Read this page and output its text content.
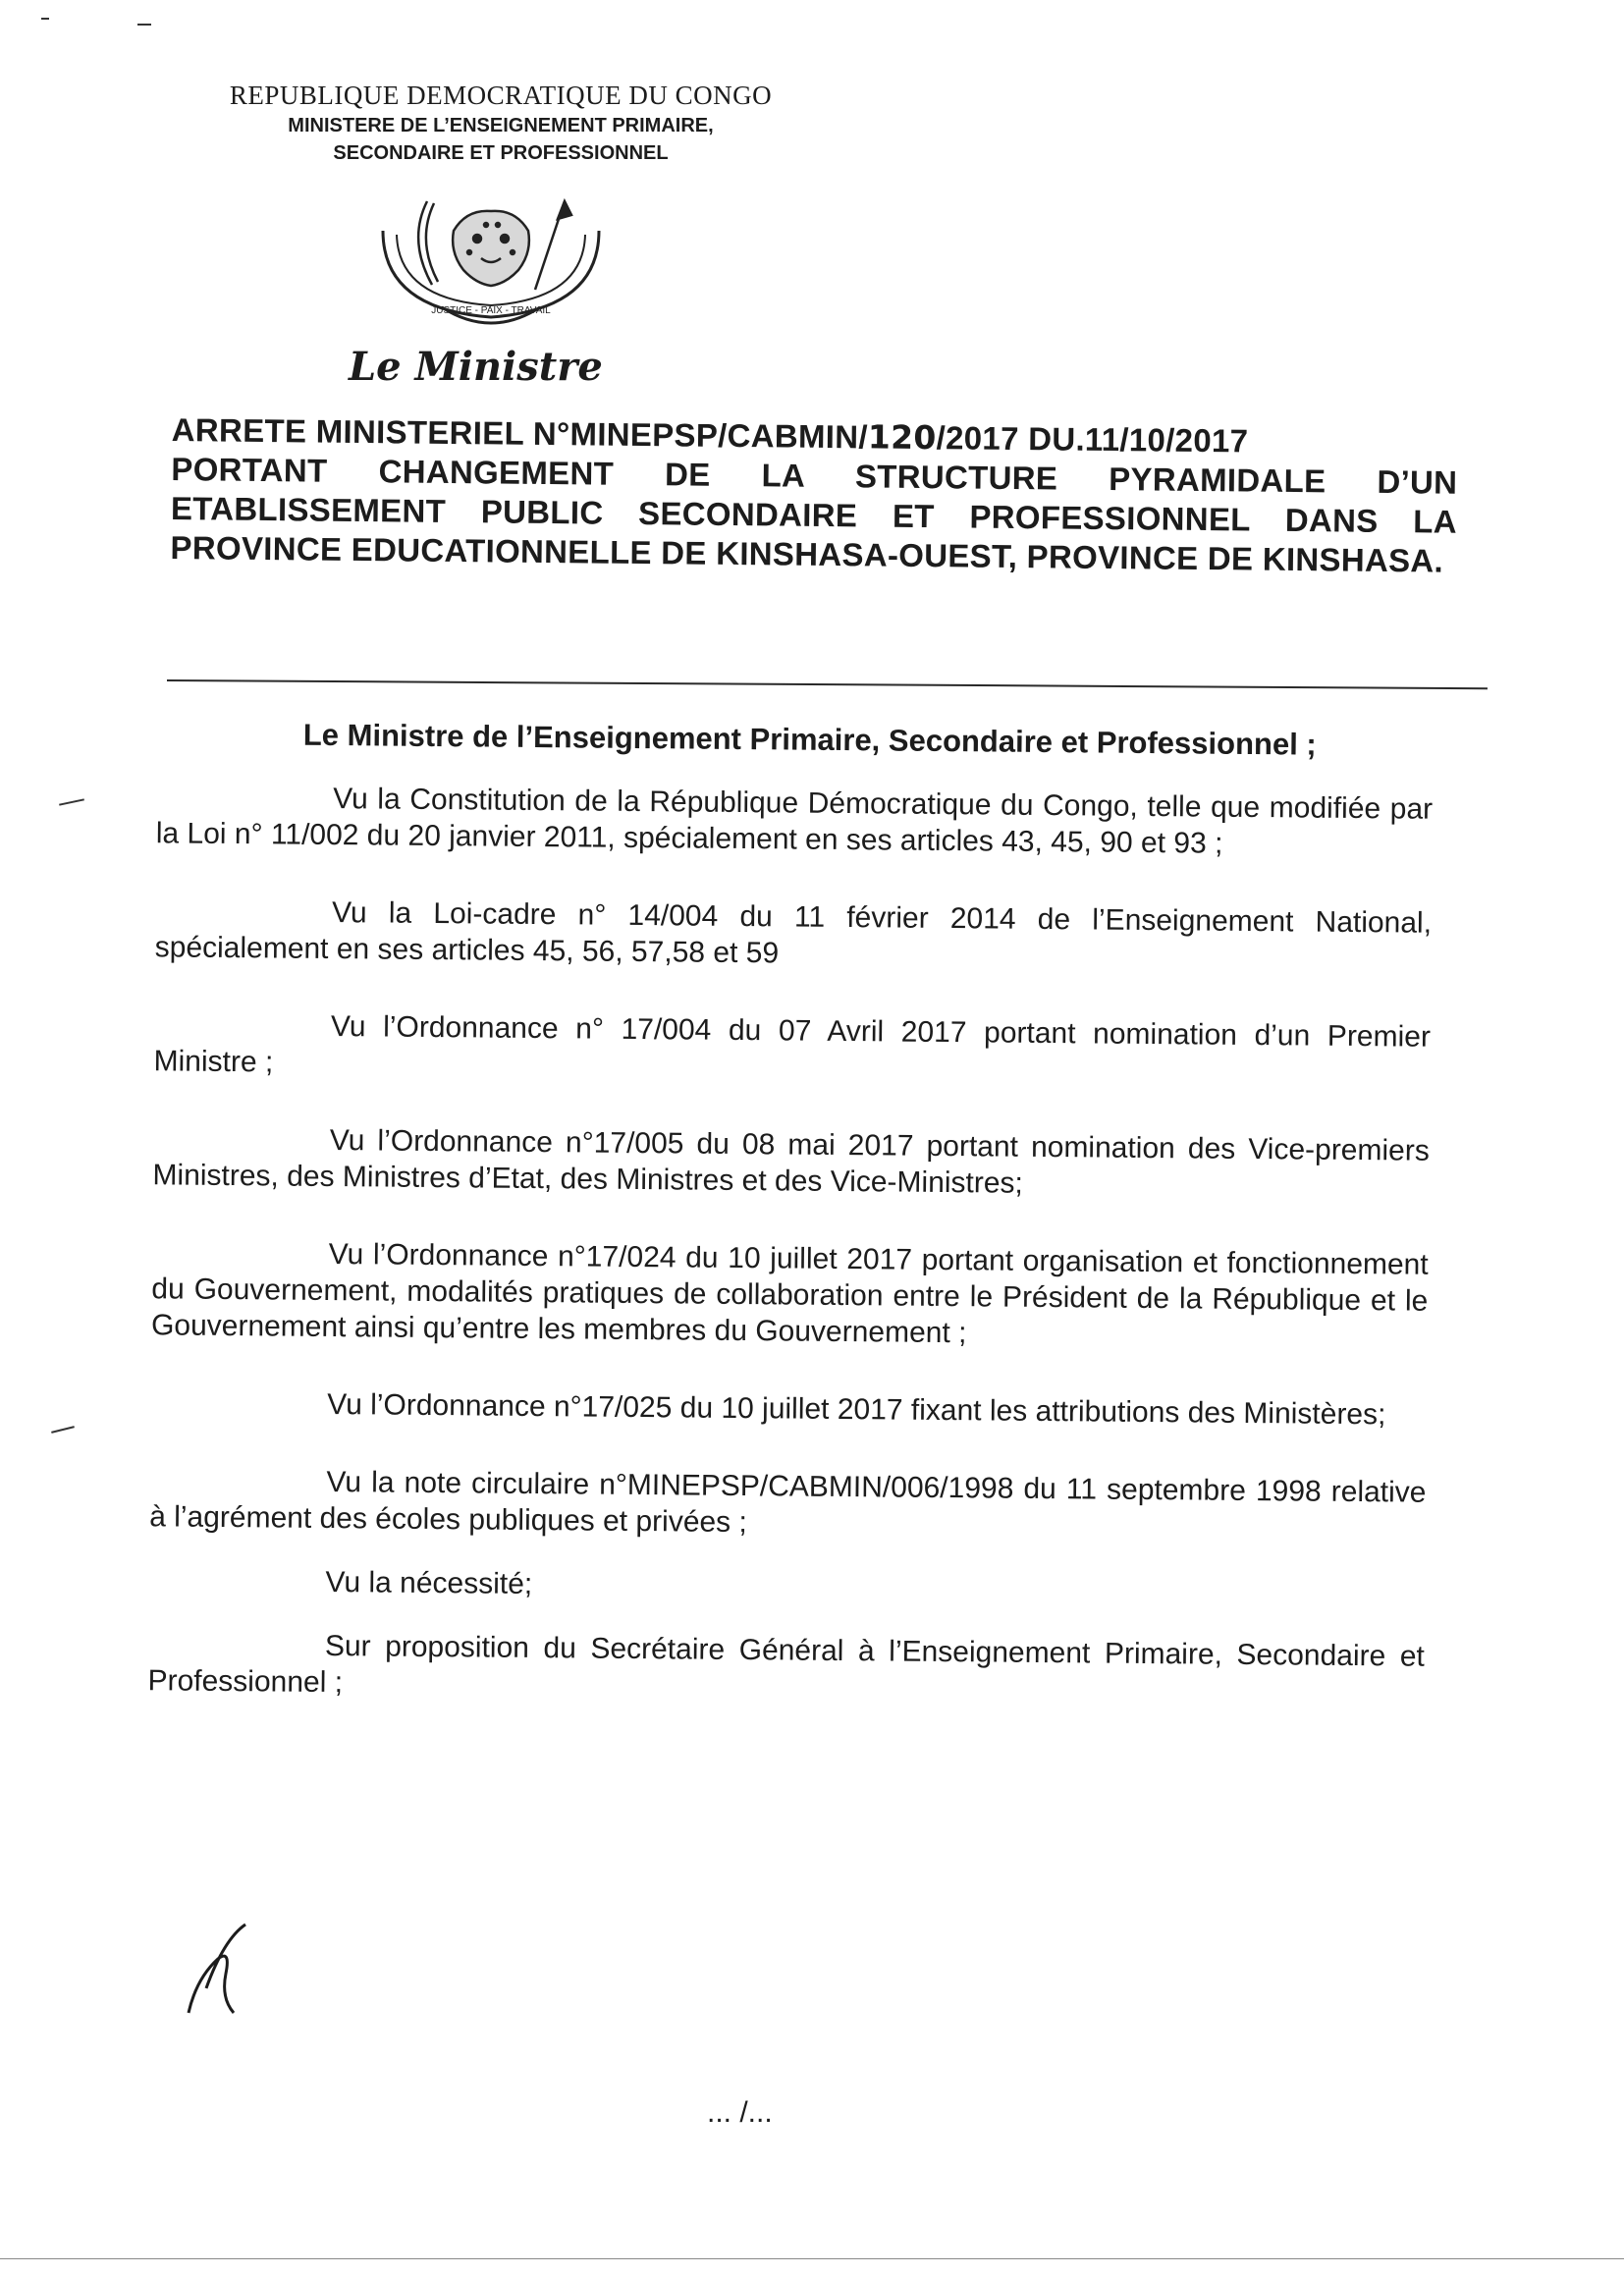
REPUBLIQUE DEMOCRATIQUE DU CONGO

MINISTERE DE L’ENSEIGNEMENT PRIMAIRE,

SECONDAIRE ET PROFESSIONNEL

JUSTICE - PAIX - TRAVAIL
Le Ministre
ARRETE MINISTERIEL N°MINEPSP/CABMIN/120/2017 DU.11/10/2017
PORTANT CHANGEMENT DE LA STRUCTURE PYRAMIDALE D’UN ETABLISSEMENT PUBLIC SECONDAIRE ET PROFESSIONNEL DANS LA PROVINCE EDUCATIONNELLE DE KINSHASA-OUEST, PROVINCE DE KINSHASA.

Le Ministre de l’Enseignement Primaire, Secondaire et Professionnel ;

Vu la Constitution de la République Démocratique du Congo, telle que modifiée par la Loi n° 11/002 du 20 janvier 2011, spécialement en ses articles 43, 45, 90 et 93 ;

Vu la Loi-cadre n° 14/004 du 11 février 2014 de l’Enseignement National, spécialement en ses articles 45, 56, 57,58 et 59

Vu l’Ordonnance n° 17/004 du 07 Avril 2017 portant nomination d’un Premier Ministre ;

Vu l’Ordonnance n°17/005 du 08 mai 2017 portant nomination des Vice-premiers Ministres, des Ministres d’Etat, des Ministres et des Vice-Ministres;

Vu l’Ordonnance n°17/024 du 10 juillet 2017 portant organisation et fonctionnement du Gouvernement, modalités pratiques de collaboration entre le Président de la République et le Gouvernement ainsi qu’entre les membres du Gouvernement ;

Vu l’Ordonnance n°17/025 du 10 juillet 2017 fixant les attributions des Ministères;

Vu la note circulaire n°MINEPSP/CABMIN/006/1998 du 11 septembre 1998 relative à l’agrément des écoles publiques et privées ;

Vu la nécessité;

Sur proposition du Secrétaire Général à l’Enseignement Primaire, Secondaire et Professionnel ;

... /...
